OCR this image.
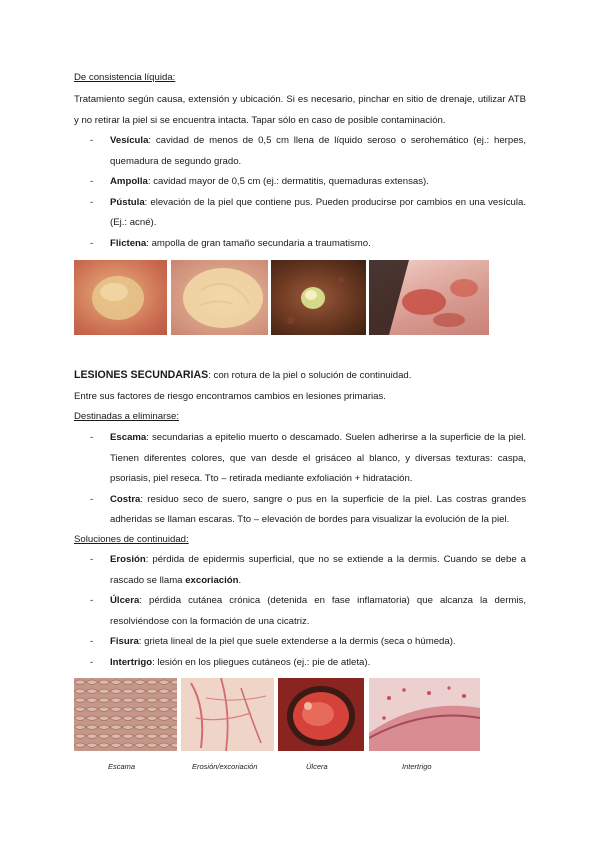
De consistencia líquida:
Tratamiento según causa, extensión y ubicación. Si es necesario, pinchar en sitio de drenaje, utilizar ATB y no retirar la piel si se encuentra intacta. Tapar sólo en caso de posible contaminación.
- Vesícula: cavidad de menos de 0,5 cm llena de líquido seroso o serohemático (ej.: herpes, quemadura de segundo grado.
- Ampolla: cavidad mayor de 0,5 cm (ej.: dermatitis, quemaduras extensas).
- Pústula: elevación de la piel que contiene pus. Pueden producirse por cambios en una vesícula. (Ej.: acné).
- Flictena: ampolla de gran tamaño secundaria a traumatismo.
LESIONES SECUNDARIAS: con rotura de la piel o solución de continuidad.
Entre sus factores de riesgo encontramos cambios en lesiones primarias.
Destinadas a eliminarse:
- Escama: secundarias a epitelio muerto o descamado. Suelen adherirse a la superficie de la piel. Tienen diferentes colores, que van desde el grisáceo al blanco, y diversas texturas: caspa, psoriasis, piel reseca. Tto – retirada mediante exfoliación + hidratación.
- Costra: residuo seco de suero, sangre o pus en la superficie de la piel. Las costras grandes adheridas se llaman escaras. Tto – elevación de bordes para visualizar la evolución de la piel.
Soluciones de continuidad:
- Erosión: pérdida de epidermis superficial, que no se extiende a la dermis. Cuando se debe a rascado se llama excoriación.
- Úlcera: pérdida cutánea crónica (detenida en fase inflamatoria) que alcanza la dermis, resolviéndose con la formación de una cicatriz.
- Fisura: grieta lineal de la piel que suele extenderse a la dermis (seca o húmeda).
- Intertrigo: lesión en los pliegues cutáneos (ej.: pie de atleta).
Escama	Erosión/excoriación	Úlcera	Intertrigo
